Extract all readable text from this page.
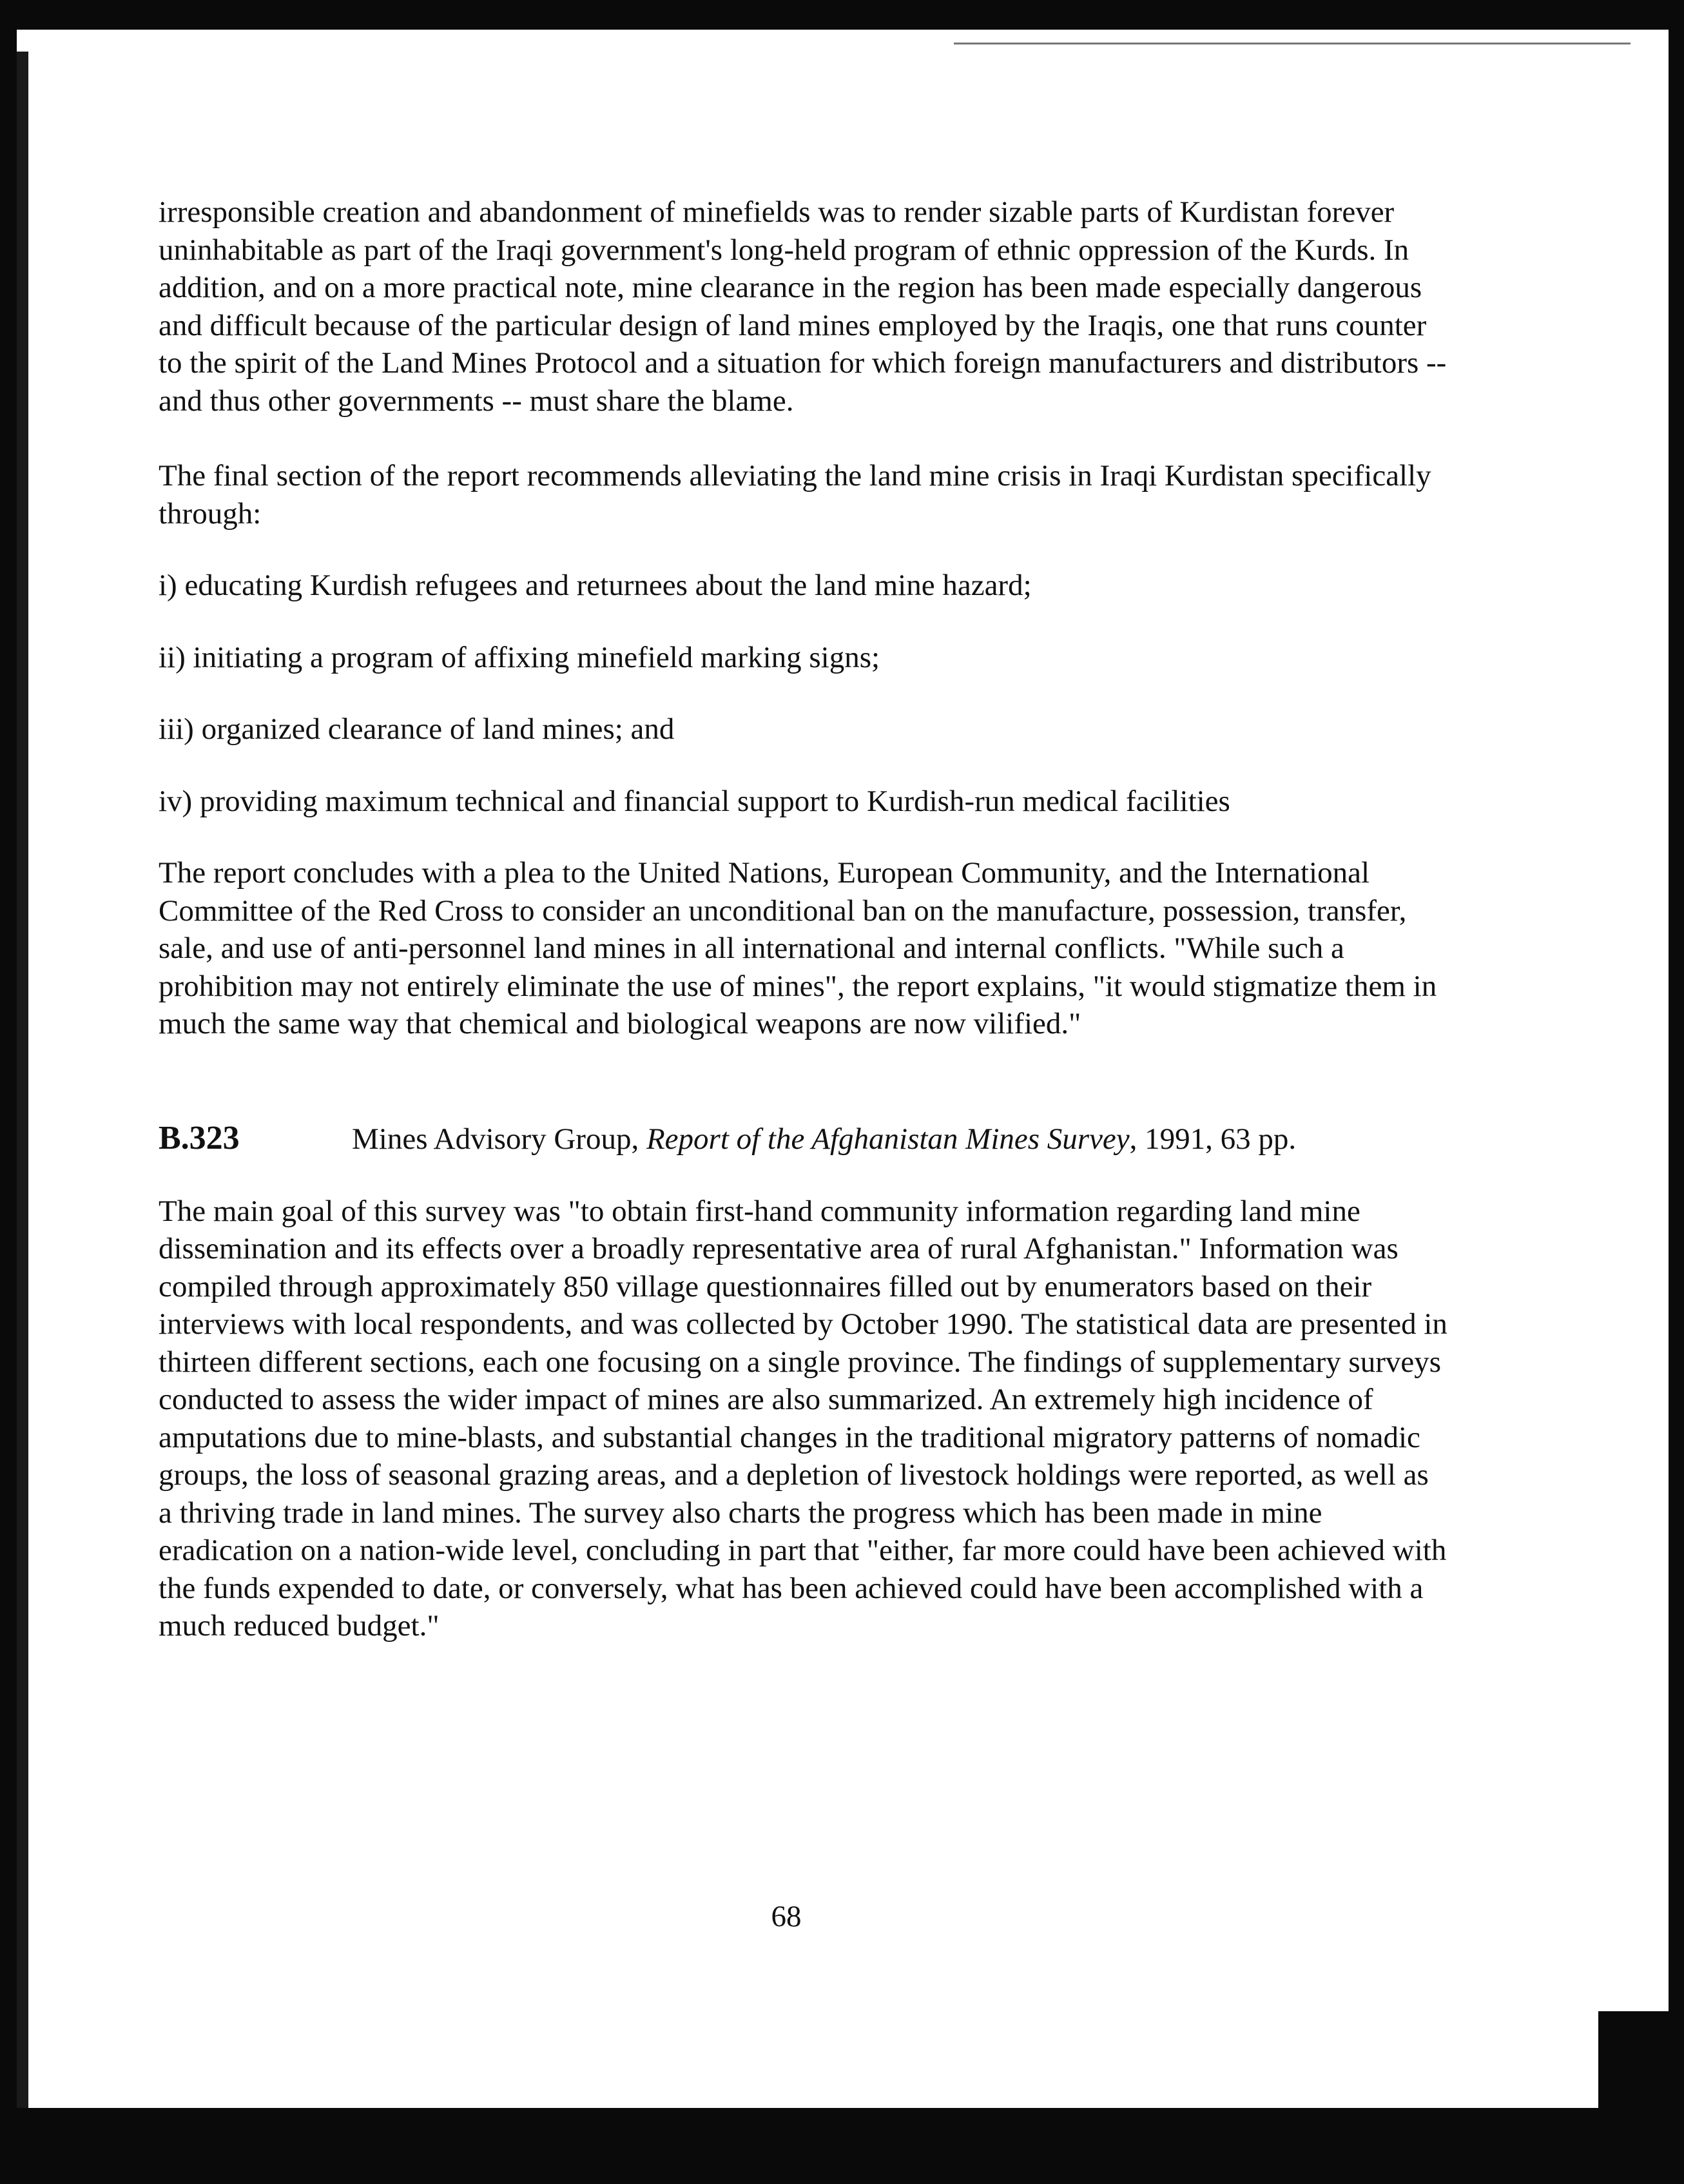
irresponsible creation and abandonment of minefields was to render sizable parts of Kurdistan forever uninhabitable as part of the Iraqi government's long-held program of ethnic oppression of the Kurds. In addition, and on a more practical note, mine clearance in the region has been made especially dangerous and difficult because of the particular design of land mines employed by the Iraqis, one that runs counter to the spirit of the Land Mines Protocol and a situation for which foreign manufacturers and distributors -- and thus other governments -- must share the blame.

The final section of the report recommends alleviating the land mine crisis in Iraqi Kurdistan specifically through:

i) educating Kurdish refugees and returnees about the land mine hazard;

ii) initiating a program of affixing minefield marking signs;

iii) organized clearance of land mines; and

iv) providing maximum technical and financial support to Kurdish-run medical facilities

The report concludes with a plea to the United Nations, European Community, and the International Committee of the Red Cross to consider an unconditional ban on the manufacture, possession, transfer, sale, and use of anti-personnel land mines in all international and internal conflicts. "While such a prohibition may not entirely eliminate the use of mines", the report explains, "it would stigmatize them in much the same way that chemical and biological weapons are now vilified."

B.323	Mines Advisory Group, Report of the Afghanistan Mines Survey, 1991, 63 pp.

The main goal of this survey was "to obtain first-hand community information regarding land mine dissemination and its effects over a broadly representative area of rural Afghanistan." Information was compiled through approximately 850 village questionnaires filled out by enumerators based on their interviews with local respondents, and was collected by October 1990. The statistical data are presented in thirteen different sections, each one focusing on a single province. The findings of supplementary surveys conducted to assess the wider impact of mines are also summarized. An extremely high incidence of amputations due to mine-blasts, and substantial changes in the traditional migratory patterns of nomadic groups, the loss of seasonal grazing areas, and a depletion of livestock holdings were reported, as well as a thriving trade in land mines. The survey also charts the progress which has been made in mine eradication on a nation-wide level, concluding in part that "either, far more could have been achieved with the funds expended to date, or conversely, what has been achieved could have been accomplished with a much reduced budget."

68
